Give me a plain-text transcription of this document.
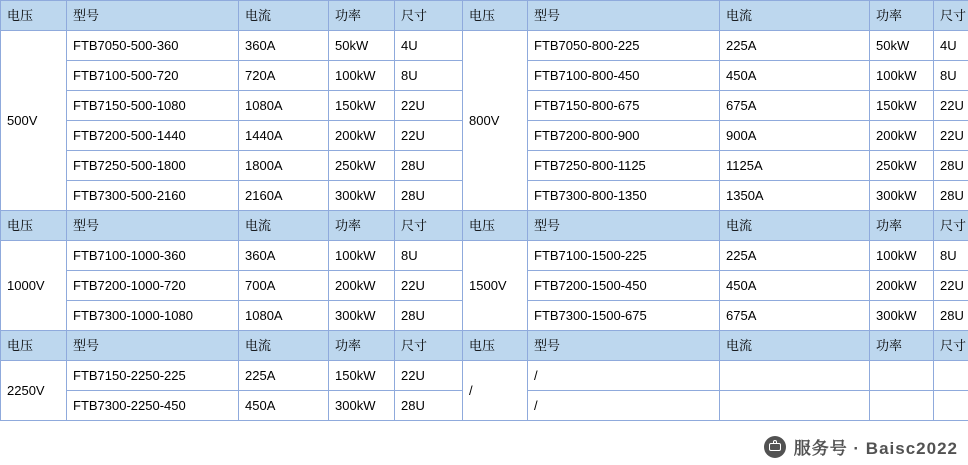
电压	型号	电流	功率	尺寸	电压	型号	电流	功率	尺寸
500V	FTB7050-500-360	360A	50kW	4U	800V	FTB7050-800-225	225A	50kW	4U
	FTB7100-500-720	720A	100kW	8U		FTB7100-800-450	450A	100kW	8U
	FTB7150-500-1080	1080A	150kW	22U		FTB7150-800-675	675A	150kW	22U
	FTB7200-500-1440	1440A	200kW	22U		FTB7200-800-900	900A	200kW	22U
	FTB7250-500-1800	1800A	250kW	28U		FTB7250-800-1125	1125A	250kW	28U
	FTB7300-500-2160	2160A	300kW	28U		FTB7300-800-1350	1350A	300kW	28U
电压	型号	电流	功率	尺寸	电压	型号	电流	功率	尺寸
1000V	FTB7100-1000-360	360A	100kW	8U	1500V	FTB7100-1500-225	225A	100kW	8U
	FTB7200-1000-720	700A	200kW	22U		FTB7200-1500-450	450A	200kW	22U
	FTB7300-1000-1080	1080A	300kW	28U		FTB7300-1500-675	675A	300kW	28U
电压	型号	电流	功率	尺寸	电压	型号	电流	功率	尺寸
2250V	FTB7150-2250-225	225A	150kW	22U	/	/			
	FTB7300-2250-450	450A	300kW	28U		/			
服务号 · Baisc2022
